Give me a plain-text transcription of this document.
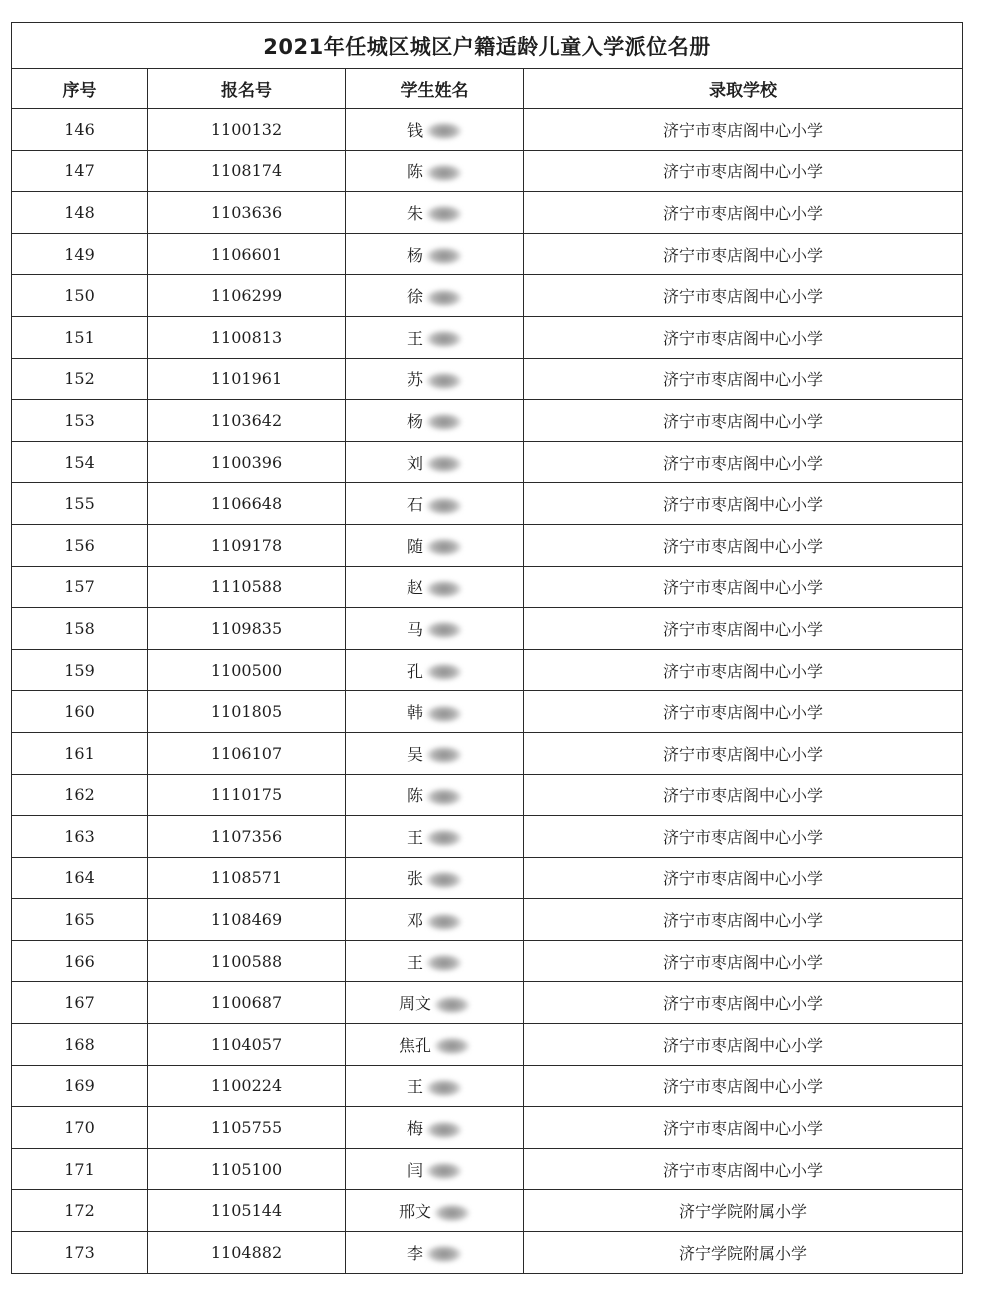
2021年任城区城区户籍适龄儿童入学派位名册			
序号	报名号	学生姓名	录取学校
146	1100132	钱	济宁市枣店阁中心小学
147	1108174	陈	济宁市枣店阁中心小学
148	1103636	朱	济宁市枣店阁中心小学
149	1106601	杨	济宁市枣店阁中心小学
150	1106299	徐	济宁市枣店阁中心小学
151	1100813	王	济宁市枣店阁中心小学
152	1101961	苏	济宁市枣店阁中心小学
153	1103642	杨	济宁市枣店阁中心小学
154	1100396	刘	济宁市枣店阁中心小学
155	1106648	石	济宁市枣店阁中心小学
156	1109178	随	济宁市枣店阁中心小学
157	1110588	赵	济宁市枣店阁中心小学
158	1109835	马	济宁市枣店阁中心小学
159	1100500	孔	济宁市枣店阁中心小学
160	1101805	韩	济宁市枣店阁中心小学
161	1106107	吴	济宁市枣店阁中心小学
162	1110175	陈	济宁市枣店阁中心小学
163	1107356	王	济宁市枣店阁中心小学
164	1108571	张	济宁市枣店阁中心小学
165	1108469	邓	济宁市枣店阁中心小学
166	1100588	王	济宁市枣店阁中心小学
167	1100687	周文	济宁市枣店阁中心小学
168	1104057	焦孔	济宁市枣店阁中心小学
169	1100224	王	济宁市枣店阁中心小学
170	1105755	梅	济宁市枣店阁中心小学
171	1105100	闫	济宁市枣店阁中心小学
172	1105144	邢文	济宁学院附属小学
173	1104882	李	济宁学院附属小学
